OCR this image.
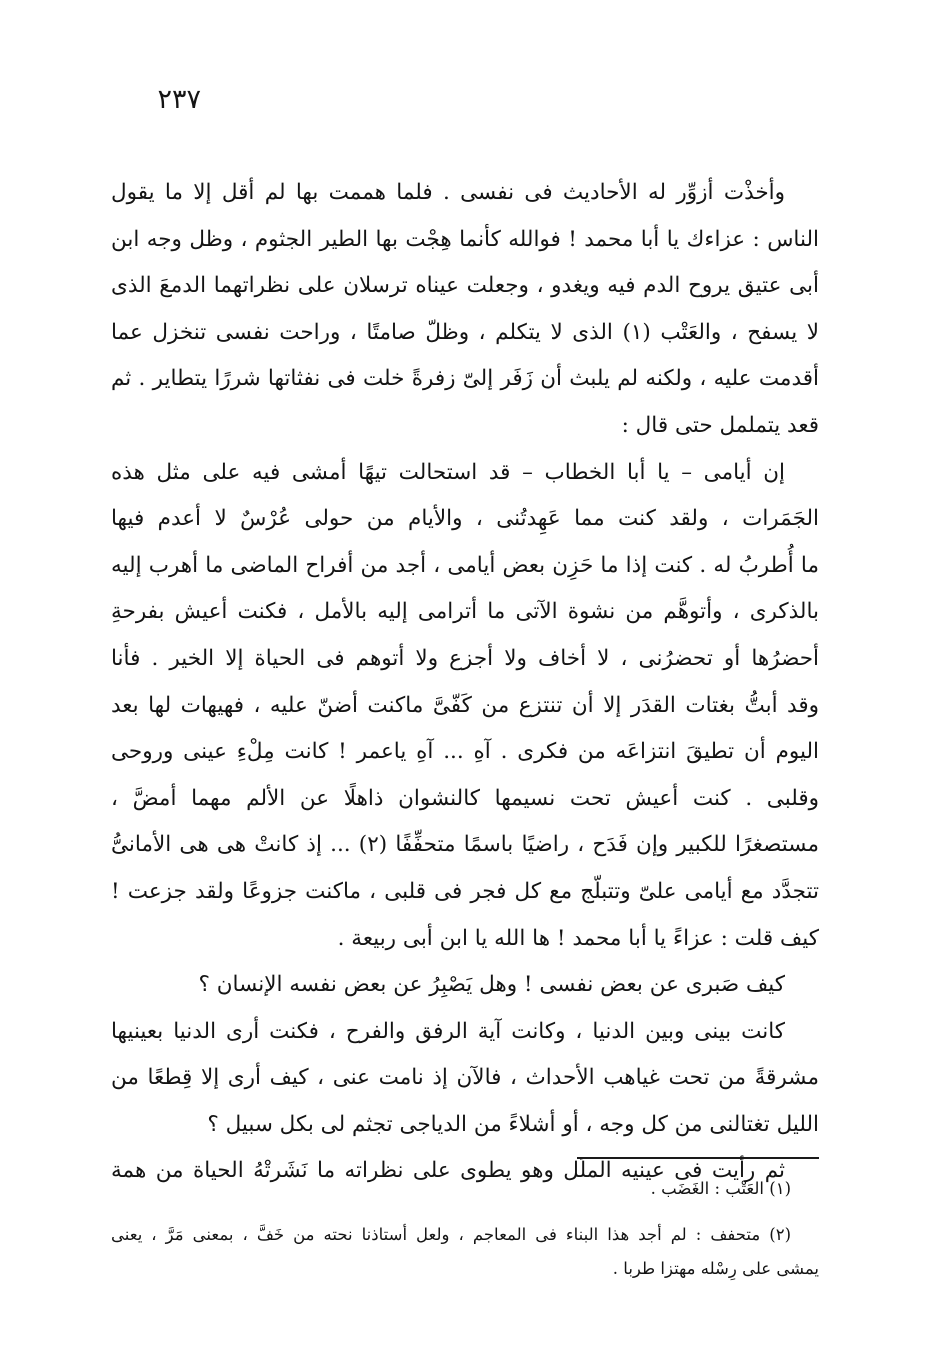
٢٣٧
وأخذْت أزوِّر له الأحاديث فى نفسى . فلما هممت بها لم أقل إلا ما يقول
الناس : عزاءك يا أبا محمد ! فوالله كأنما هِجْت بها الطير الجثوم ، وظل وجه ابن
أبى عتيق يروح الدم فيه ويغدو ، وجعلت عيناه ترسلان على نظراتهما الدمعَ الذى
لا يسفح ، والعَتْب (١) الذى لا يتكلم ، وظلّ صامتًا ، وراحت نفسى تنخزل عما
أقدمت عليه ، ولكنه لم يلبث أن زَفَر إلىّ زفرةً خلت فى نفثاتها شررًا يتطاير . ثم
قعد يتململ حتى قال :
إن أيامى – يا أبا الخطاب – قد استحالت تيهًا أمشى فيه على مثل هذه
الجَمَرات ، ولقد كنت مما عَهِدتُنى ، والأيام من حولى عُرْسٌ لا أعدم فيها
ما أُطربُ له . كنت إذا ما حَزِن بعض أيامى ، أجد من أفراح الماضى ما أهرب إليه
بالذكرى ، وأتوهَّم من نشوة الآتى ما أترامى إليه بالأمل ، فكنت أعيش بفرحةِ
أحضرُها أو تحضرُنى ، لا أخاف ولا أجزع ولا أتوهم فى الحياة إلا الخير . فأنا
وقد أبتُّ بغتات القدَر إلا أن تنتزع من كَفّىَّ ماكنت أضنّ عليه ، فهيهات لها بعد
اليوم أن تطيقَ انتزاعَه من فكرى . آهِ ... آهِ ياعمر ! كانت مِلْءِ عينى وروحى
وقلبى . كنت أعيش تحت نسيمها كالنشوان ذاهلًا عن الألم مهما أمضَّ ،
مستصغرًا للكبير وإن فَدَح ، راضيًا باسمًا متحفِّفًا (٢) ... إذ كانتْ هى هى الأمانىُّ
تتجدَّد مع أيامى علىّ وتتبلّج مع كل فجر فى قلبى ، ماكنت جزوعًا ولقد جزعت !
كيف قلت : عزاءً يا أبا محمد ! ها الله يا ابن أبى ربيعة .
كيف صَبرى عن بعض نفسى ! وهل يَصْبِرُ عن بعض نفسه الإنسان ؟
كانت بينى وبين الدنيا ، وكانت آية الرفق والفرح ، فكنت أرى الدنيا بعينيها
مشرقةً من تحت غياهب الأحداث ، فالآن إذ نامت عنى ، كيف أرى إلا قِطعًا من
الليل تغتالنى من كل وجه ، أو أشلاءً من الدياجى تجثم لى بكل سبيل ؟
ثم رأيت فى عينيه الملَل وهو يطوى على نظراته ما نَشَرتْهُ الحياة من همة
(١) العَتْب : الغَضَب .
(٢) متحفف : لم أجد هذا البناء فى المعاجم ، ولعل أستاذنا نحته من خَفَّ ، بمعنى مَرَّ ، يعنى
يمشى على رِسْله مهتزا طربا .
